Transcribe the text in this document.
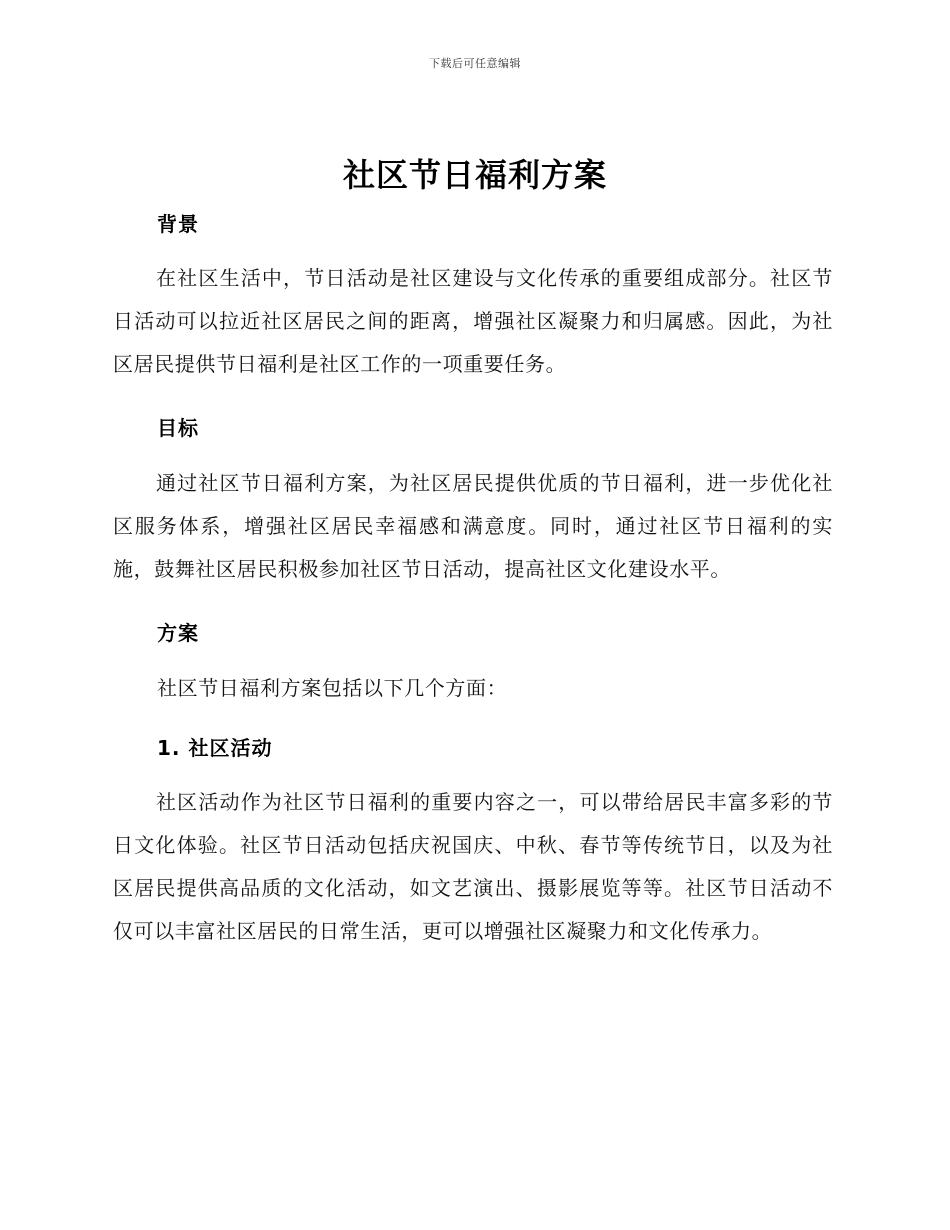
下载后可任意编辑
社区节日福利方案
背景

在社区生活中，节日活动是社区建设与文化传承的重要组成部分。社区节日活动可以拉近社区居民之间的距离，增强社区凝聚力和归属感。因此，为社区居民提供节日福利是社区工作的一项重要任务。

目标

通过社区节日福利方案，为社区居民提供优质的节日福利，进一步优化社区服务体系，增强社区居民幸福感和满意度。同时，通过社区节日福利的实施，鼓舞社区居民积极参加社区节日活动，提高社区文化建设水平。

方案

社区节日福利方案包括以下几个方面：

1. 社区活动

社区活动作为社区节日福利的重要内容之一，可以带给居民丰富多彩的节日文化体验。社区节日活动包括庆祝国庆、中秋、春节等传统节日，以及为社区居民提供高品质的文化活动，如文艺演出、摄影展览等等。社区节日活动不仅可以丰富社区居民的日常生活，更可以增强社区凝聚力和文化传承力。
